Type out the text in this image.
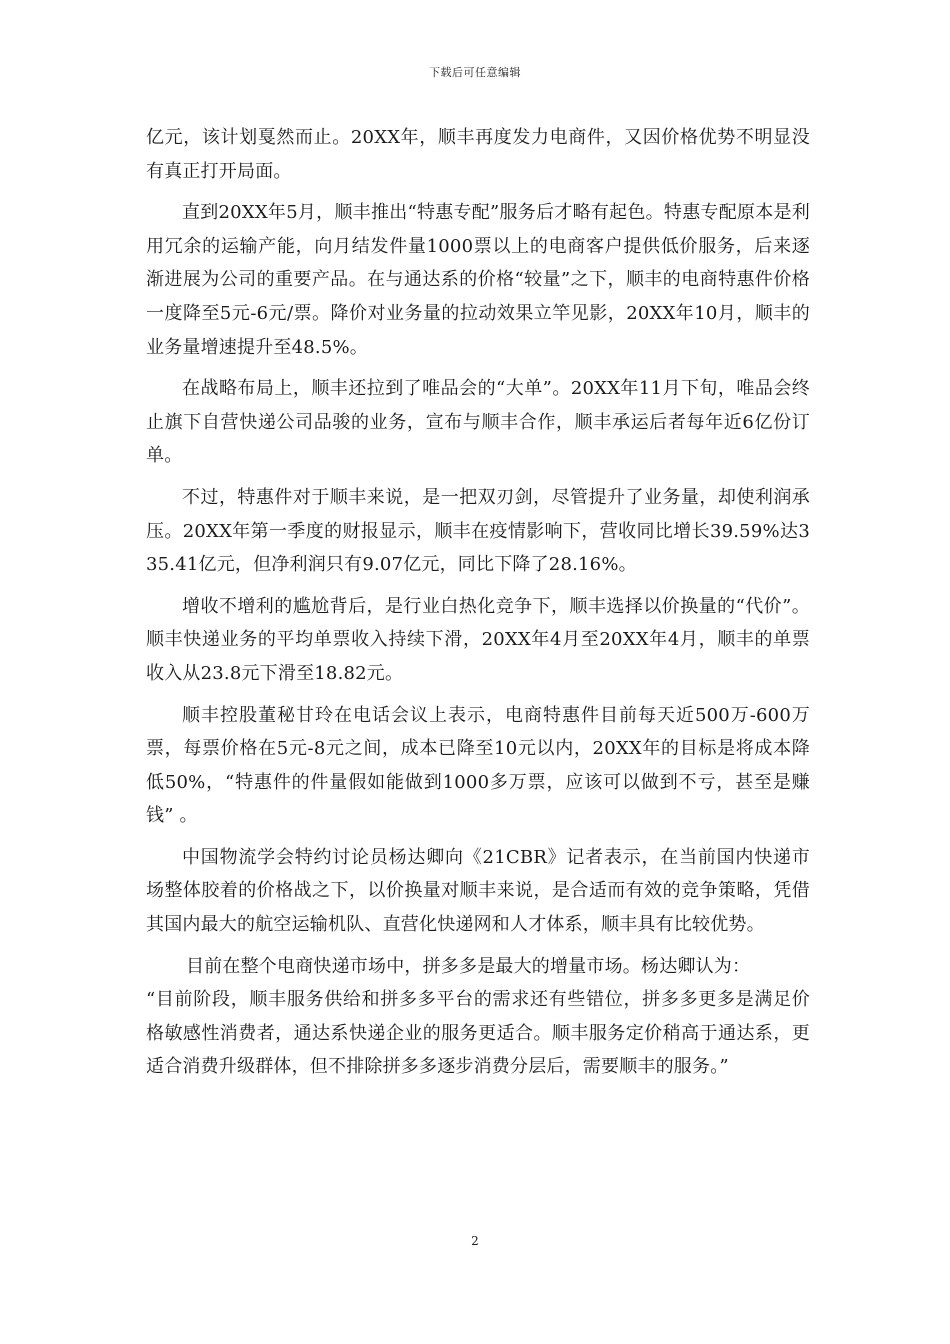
下载后可任意编辑

亿元，该计划戛然而止。20XX年，顺丰再度发力电商件，又因价格优势不明显没有真正打开局面。

直到20XX年5月，顺丰推出“特惠专配”服务后才略有起色。特惠专配原本是利用冗余的运输产能，向月结发件量1000票以上的电商客户提供低价服务，后来逐渐进展为公司的重要产品。在与通达系的价格“较量”之下，顺丰的电商特惠件价格一度降至5元-6元/票。降价对业务量的拉动效果立竿见影，20XX年10月，顺丰的业务量增速提升至48.5%。

在战略布局上，顺丰还拉到了唯品会的“大单”。20XX年11月下旬，唯品会终止旗下自营快递公司品骏的业务，宣布与顺丰合作，顺丰承运后者每年近6亿份订单。

不过，特惠件对于顺丰来说，是一把双刃剑，尽管提升了业务量，却使利润承压。20XX年第一季度的财报显示，顺丰在疫情影响下，营收同比增长39.59%达335.41亿元，但净利润只有9.07亿元，同比下降了28.16%。

增收不增利的尴尬背后，是行业白热化竞争下，顺丰选择以价换量的“代价”。顺丰快递业务的平均单票收入持续下滑，20XX年4月至20XX年4月，顺丰的单票收入从23.8元下滑至18.82元。

顺丰控股董秘甘玲在电话会议上表示，电商特惠件目前每天近500万-600万票，每票价格在5元-8元之间，成本已降至10元以内，20XX年的目标是将成本降低50%，“特惠件的件量假如能做到1000多万票，应该可以做到不亏，甚至是赚钱” 。

中国物流学会特约讨论员杨达卿向《21CBR》记者表示，在当前国内快递市场整体胶着的价格战之下，以价换量对顺丰来说，是合适而有效的竞争策略，凭借其国内最大的航空运输机队、直营化快递网和人才体系，顺丰具有比较优势。

目前在整个电商快递市场中，拼多多是最大的增量市场。杨达卿认为：

“目前阶段，顺丰服务供给和拼多多平台的需求还有些错位，拼多多更多是满足价格敏感性消费者，通达系快递企业的服务更适合。顺丰服务定价稍高于通达系，更适合消费升级群体，但不排除拼多多逐步消费分层后，需要顺丰的服务。”

2
